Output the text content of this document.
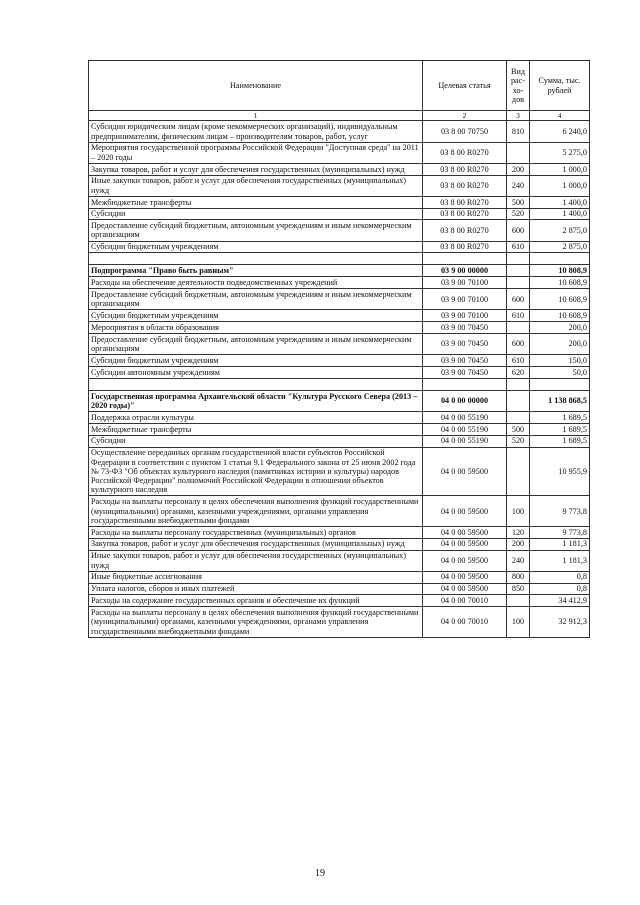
Наименование	Целевая статья	Вид рас-хо-дов	Сумма, тыс. рублей
1	2	3	4
Субсидии юридическим лицам (кроме некоммерческих организаций), индивидуальным предпринимателям, физическим лицам – производителям товаров, работ, услуг	03 8 00 70750	810	6 240,0
Мероприятия государственной программы Российской Федерации "Доступная среда" на 2011 – 2020 годы	03 8 00 R0270		5 275,0
Закупка товаров, работ и услуг для обеспечения государственных (муниципальных) нужд	03 8 00 R0270	200	1 000,0
Иные закупки товаров, работ и услуг для обеспечения государственных (муниципальных) нужд	03 8 00 R0270	240	1 000,0
Межбюджетные трансферты	03 8 00 R0270	500	1 400,0
Субсидии	03 8 00 R0270	520	1 400,0
Предоставление субсидий бюджетным, автономным учреждениям и иным некоммерческим организациям	03 8 00 R0270	600	2 875,0
Субсидии бюджетным учреждениям	03 8 00 R0270	610	2 875,0

Подпрограмма "Право быть равным"	03 9 00 00000		10 808,9
Расходы на обеспечение деятельности подведомственных учреждений	03 9 00 70100		10 608,9
Предоставление субсидий бюджетным, автономным учреждениям и иным некоммерческим организациям	03 9 00 70100	600	10 608,9
Субсидии бюджетным учреждениям	03 9 00 70100	610	10 608,9
Мероприятия в области образования	03 9 00 70450		200,0
Предоставление субсидий бюджетным, автономным учреждениям и иным некоммерческим организациям	03 9 00 70450	600	200,0
Субсидии бюджетным учреждениям	03 9 00 70450	610	150,0
Субсидии автономным учреждениям	03 9 00 70450	620	50,0

Государственная программа Архангельской области "Культура Русского Севера (2013 – 2020 годы)"	04 0 00 00000		1 138 868,5
Поддержка отрасли культуры	04 0 00 55190		1 689,5
Межбюджетные трансферты	04 0 00 55190	500	1 689,5
Субсидии	04 0 00 55190	520	1 689,5
Осуществление переданных органам государственной власти субъектов Российской Федерации в соответствии с пунктом 1 статьи 9.1 Федерального закона от 25 июня 2002 года № 73-ФЗ "Об объектах культурного наследия (памятниках истории и культуры) народов Российской Федерации" полномочий Российской Федерации в отношении объектов культурного наследия	04 0 00 59500		10 955,9
Расходы на выплаты персоналу в целях обеспечения выполнения функций государственными (муниципальными) органами, казенными учреждениями, органами управления государственными внебюджетными фондами	04 0 00 59500	100	9 773,8
Расходы на выплаты персоналу государственных (муниципальных) органов	04 0 00 59500	120	9 773,8
Закупка товаров, работ и услуг для обеспечения государственных (муниципальных) нужд	04 0 00 59500	200	1 181,3
Иные закупки товаров, работ и услуг для обеспечения государственных (муниципальных) нужд	04 0 00 59500	240	1 181,3
Иные бюджетные ассигнования	04 0 00 59500	800	0,8
Уплата налогов, сборов и иных платежей	04 0 00 59500	850	0,8
Расходы на содержание государственных органов и обеспечение их функций	04 0 00 70010		34 412,9
Расходы на выплаты персоналу в целях обеспечения выполнения функций государственными (муниципальными) органами, казенными учреждениями, органами управления государственными внебюджетными фондами	04 0 00 70010	100	32 912,3
19
